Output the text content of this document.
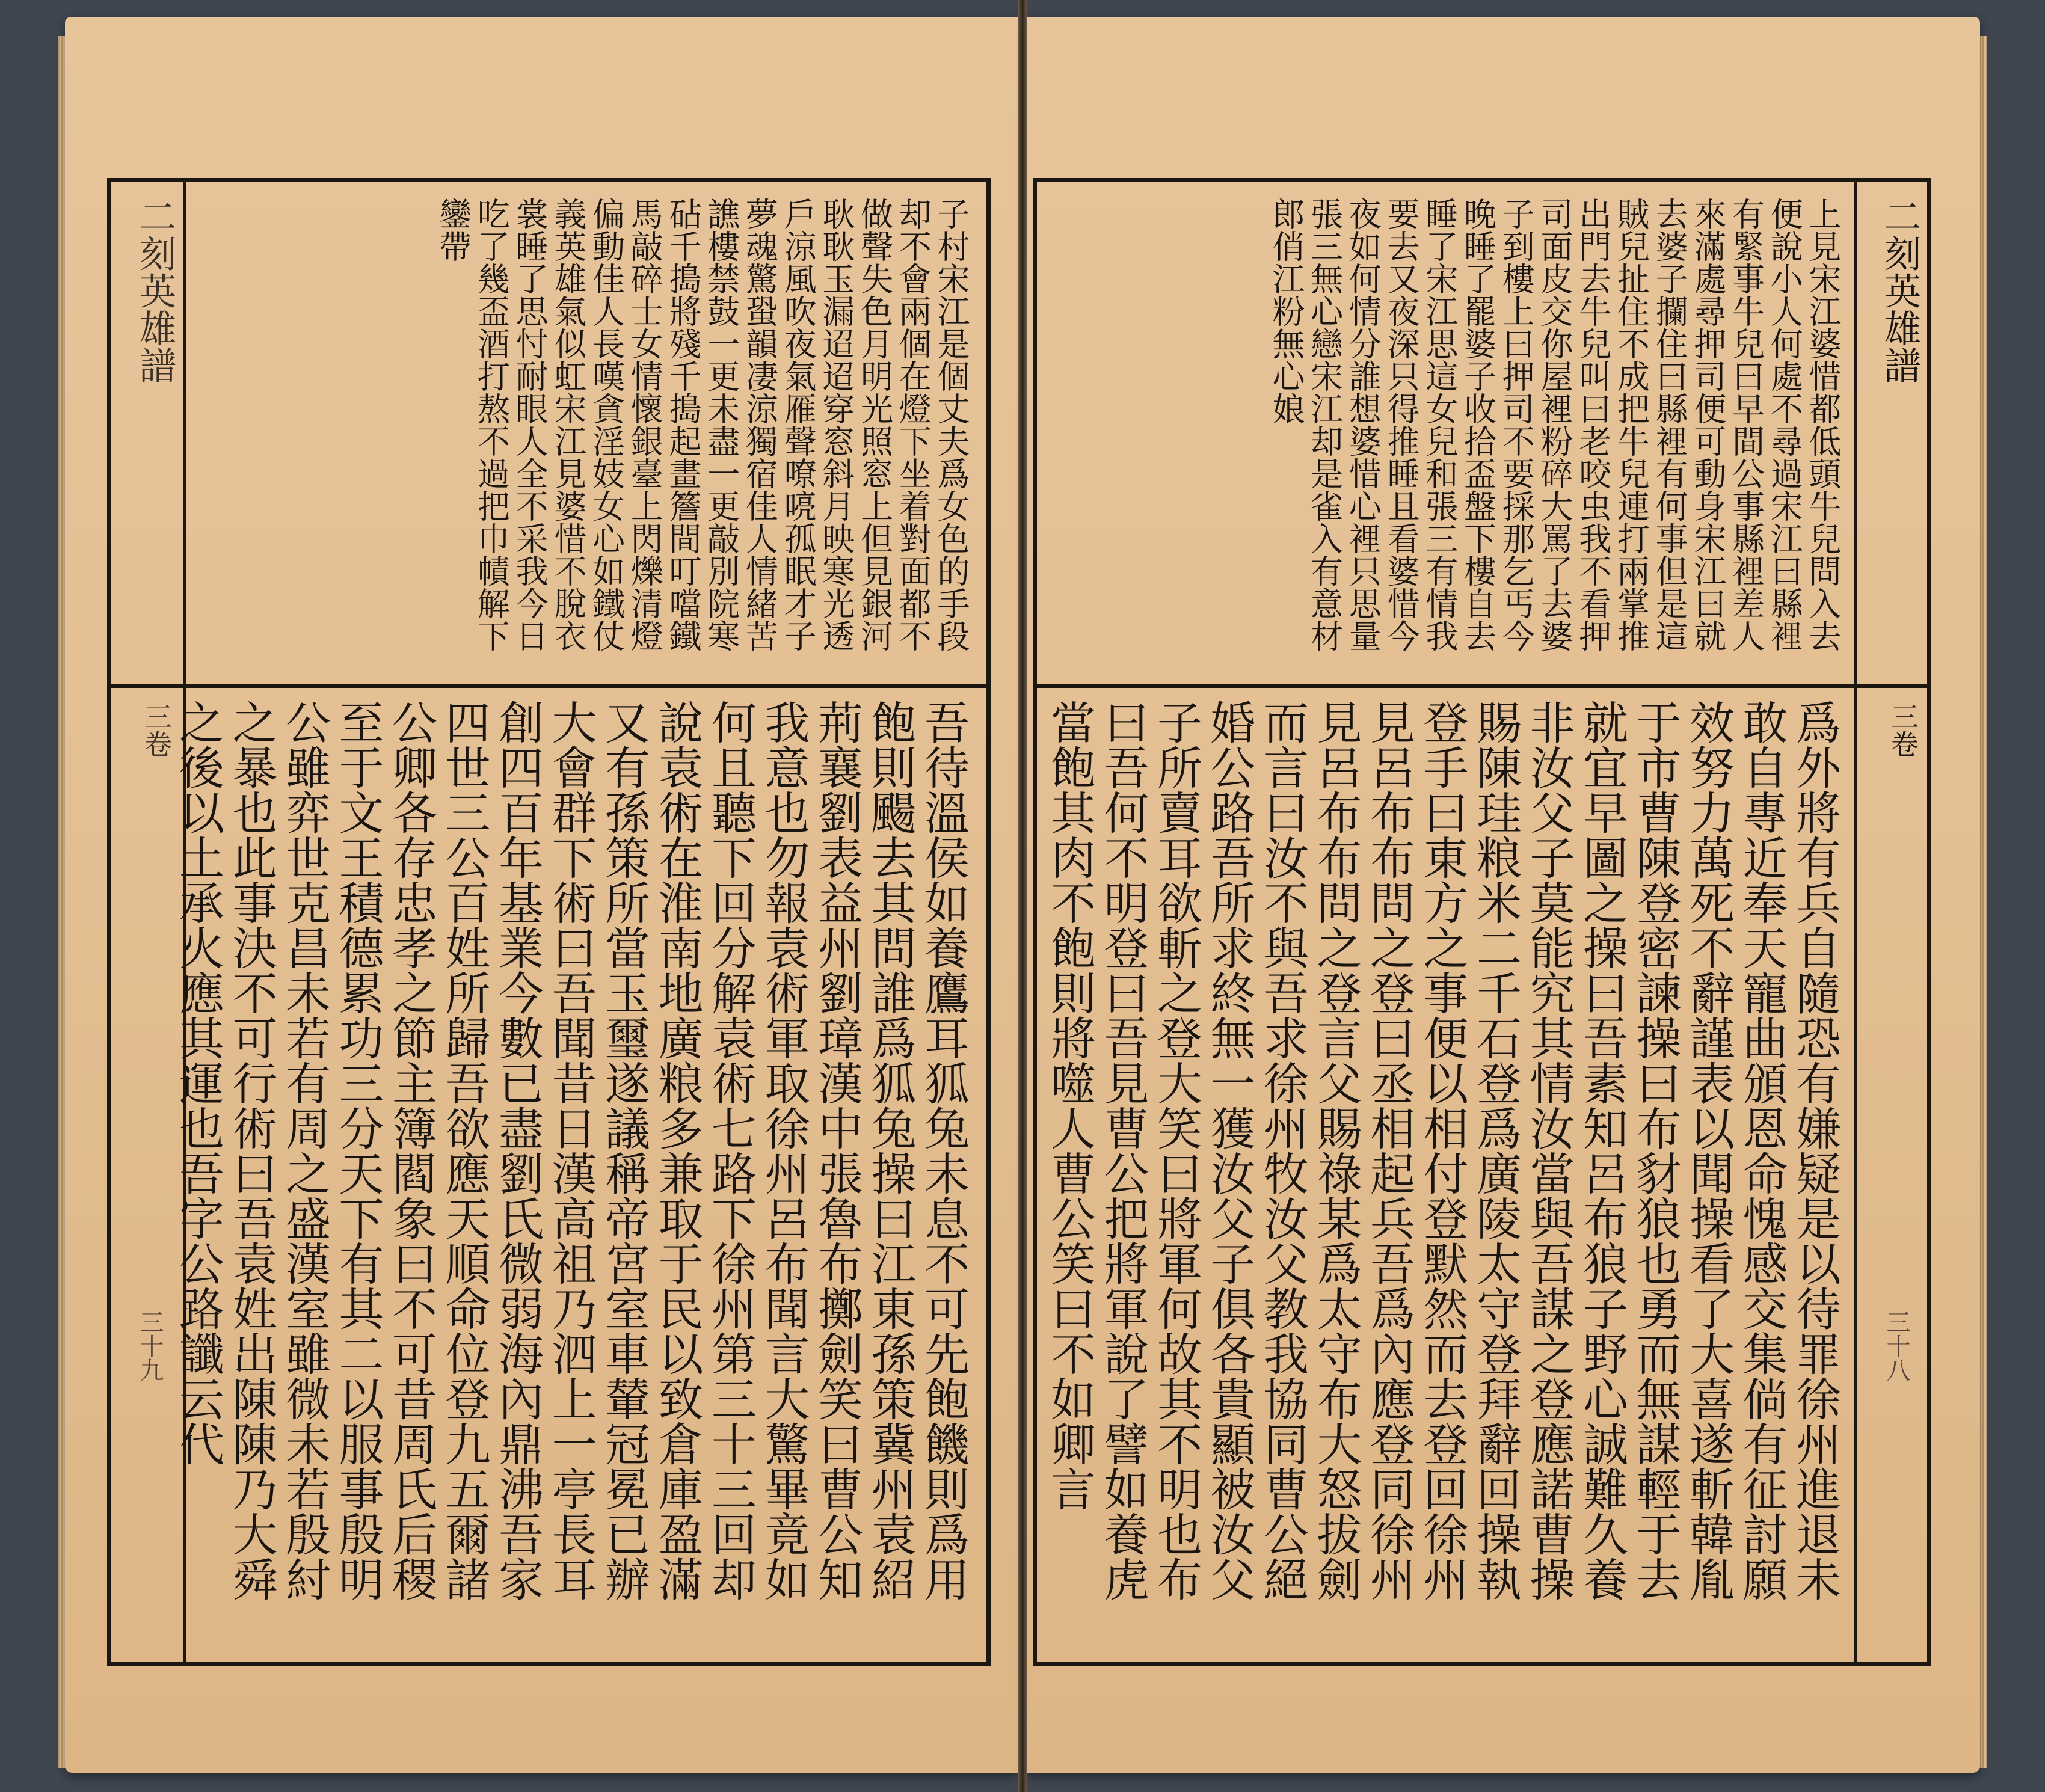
二刻英雄譜
三卷
三十九
子村宋江是個丈夫爲女色的手段却不會兩個在燈下坐着對面都不做聲失色月明光照窓上但見銀河耿耿玉漏迢迢穿窓斜月映寒光透戶涼風吹夜氣雁聲嘹喨孤眠才子夢魂驚蛩韻凄涼獨宿佳人情緒苦譙樓禁鼓一更未盡一更敲別院寒砧千搗將殘千搗起畫簷間叮噹鐵馬敲碎士女情懷銀臺上閃爍清燈偏動佳人長嘆貪淫妓女心如鐵仗義英雄氣似虹宋江見婆惜不脫衣裳睡了思忖耐眼人全不采我今日吃了幾盃酒打熬不過把巾幘解下鑾帶
吾待溫侯如養鷹耳狐兔未息不可先飽饑則爲用飽則颺去其問誰爲狐兔操曰江東孫策冀州袁紹荊襄劉表益州劉璋漢中張魯布擲劍笑曰曹公知我意也勿報袁術軍取徐州呂布聞言大驚畢竟如何且聽下回分解袁術七路下徐州第三十三回却說袁術在淮南地廣粮多兼取于民以致倉庫盈滿又有孫策所當玉璽遂議稱帝宮室車輦冠冕已辦大會群下術曰吾聞昔日漢高祖乃泗上一亭長耳創四百年基業今數已盡劉氏微弱海內鼎沸吾家四世三公百姓所歸吾欲應天順命位登九五爾諸公卿各存忠孝之節主簿閻象曰不可昔周氏后稷至于文王積德累功三分天下有其二以服事殷明公雖弈世克昌未若有周之盛漢室雖微未若殷紂之暴也此事決不可行術曰吾袁姓出陳陳乃大舜之後以土承火應其運也吾字公路讖云代
上見宋江婆惜都低頭牛兒問入去便說小人何處不尋過宋江曰縣裡有緊事牛兒曰早間公事縣裡差人來滿處尋押司便可動身宋江曰就去婆子攔住曰縣裡有何事但是這賊兒扯住不成把牛兒連打兩掌推出門去牛兒叫曰老咬虫我不看押司面皮交你屋裡粉碎大罵了去婆子到樓上曰押司不要採那乞丐今晚睡了罷婆子收拾盃盤下樓自去睡了宋江思這女兒和張三有情我要去又夜深只得推睡且看婆惜今夜如何情分誰想婆惜心裡只思量張三無心戀宋江却是雀入有意材郎俏江粉無心娘
爲外將有兵自隨恐有嫌疑是以待罪徐州進退未敢自專近奉天寵曲頒恩命愧感交集倘有征討願效努力萬死不辭謹表以聞操看了大喜遂斬韓胤于市曹陳登密諫操曰布豺狼也勇而無謀輕于去就宜早圖之操曰吾素知呂布狼子野心誠難久養非汝父子莫能究其情汝當與吾謀之登應諾曹操賜陳珪粮米二千石登爲廣陵太守登拜辭回操執登手曰東方之事便以相付登默然而去登回徐州見呂布布問之登曰丞相起兵吾爲內應登同徐州見呂布布問之登言父賜祿某爲太守布大怒拔劍而言曰汝不與吾求徐州牧汝父教我協同曹公絕婚公路吾所求終無一獲汝父子俱各貴顯被汝父子所賣耳欲斬之登大笑曰將軍何故其不明也布曰吾何不明登曰吾見曹公把將軍說了譬如養虎當飽其肉不飽則將噬人曹公笑曰不如卿言
二刻英雄譜
三卷
三十八
